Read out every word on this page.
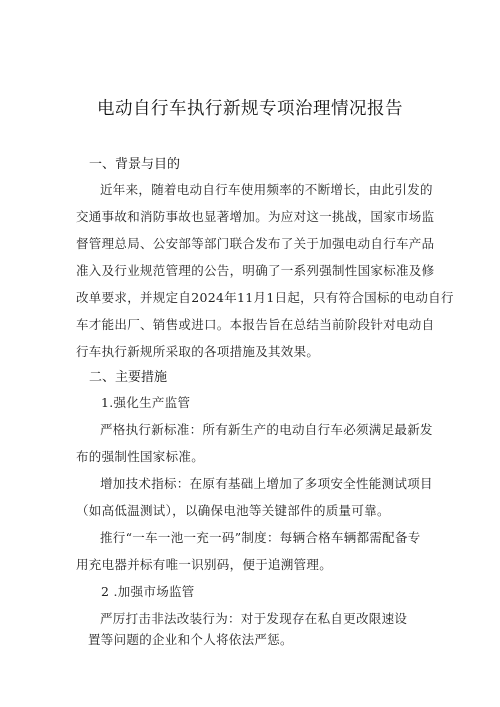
电动自行车执行新规专项治理情况报告
一、背景与目的
近年来，随着电动自行车使用频率的不断增长，由此引发的
交通事故和消防事故也显著增加。为应对这一挑战，国家市场监
督管理总局、公安部等部门联合发布了关于加强电动自行车产品
准入及行业规范管理的公告，明确了一系列强制性国家标准及修
改单要求，并规定自2024年11月1日起，只有符合国标的电动自行
车才能出厂、销售或进口。本报告旨在总结当前阶段针对电动自
行车执行新规所采取的各项措施及其效果。
二、主要措施
1.强化生产监管
严格执行新标准：所有新生产的电动自行车必须满足最新发
布的强制性国家标准。
增加技术指标：在原有基础上增加了多项安全性能测试项目
（如高低温测试），以确保电池等关键部件的质量可靠。
推行“一车一池一充一码”制度：每辆合格车辆都需配备专
用充电器并标有唯一识别码，便于追溯管理。
2 .加强市场监管
严厉打击非法改装行为：对于发现存在私自更改限速设
置等问题的企业和个人将依法严惩。
